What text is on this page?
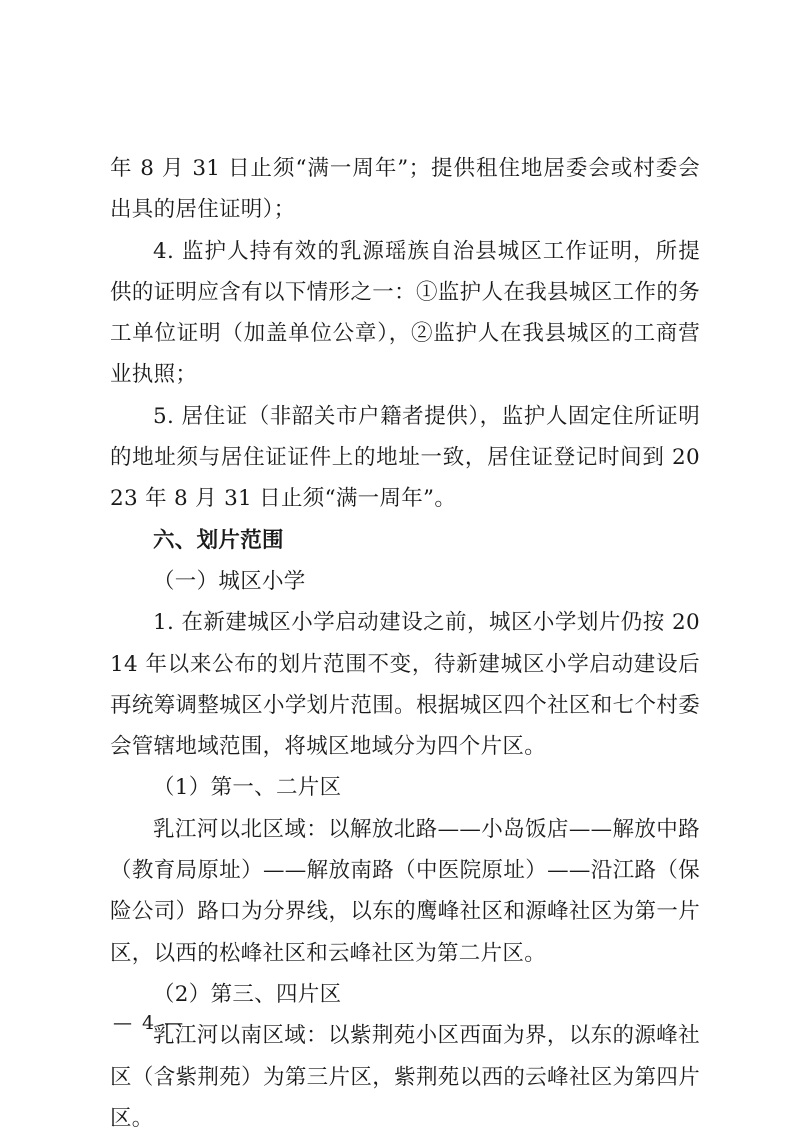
年 8 月 31 日止须“满一周年”；提供租住地居委会或村委会出具的居住证明）；

4. 监护人持有效的乳源瑶族自治县城区工作证明，所提供的证明应含有以下情形之一：①监护人在我县城区工作的务工单位证明（加盖单位公章），②监护人在我县城区的工商营业执照；

5. 居住证（非韶关市户籍者提供），监护人固定住所证明的地址须与居住证证件上的地址一致，居住证登记时间到 2023 年 8 月 31 日止须“满一周年”。

六、划片范围

（一）城区小学

1. 在新建城区小学启动建设之前，城区小学划片仍按 2014 年以来公布的划片范围不变，待新建城区小学启动建设后再统筹调整城区小学划片范围。根据城区四个社区和七个村委会管辖地域范围，将城区地域分为四个片区。

（1）第一、二片区

乳江河以北区域：以解放北路——小岛饭店——解放中路（教育局原址）——解放南路（中医院原址）——沿江路（保险公司）路口为分界线，以东的鹰峰社区和源峰社区为第一片区，以西的松峰社区和云峰社区为第二片区。

（2）第三、四片区

乳江河以南区域：以紫荆苑小区西面为界，以东的源峰社区（含紫荆苑）为第三片区，紫荆苑以西的云峰社区为第四片区。

— 4 —
